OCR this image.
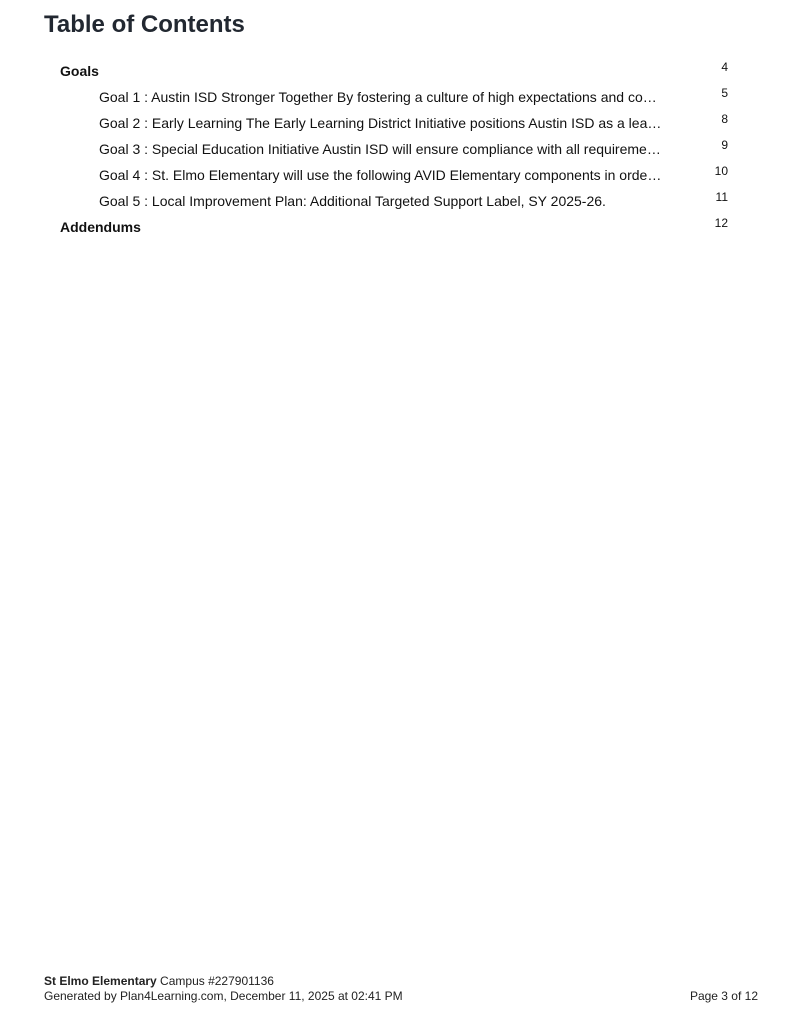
Table of Contents
Goals	4
Goal 1 : Austin ISD Stronger Together By fostering a culture of high expectations and co…	5
Goal 2 : Early Learning The Early Learning District Initiative positions Austin ISD as a lea…	8
Goal 3 : Special Education Initiative Austin ISD will ensure compliance with all requireme…	9
Goal 4 : St. Elmo Elementary will use the following AVID Elementary components in orde…	10
Goal 5 : Local Improvement Plan: Additional Targeted Support Label, SY 2025-26.	11
Addendums	12
St Elmo Elementary Campus #227901136
Generated by Plan4Learning.com, December 11, 2025 at 02:41 PM	Page 3 of 12
